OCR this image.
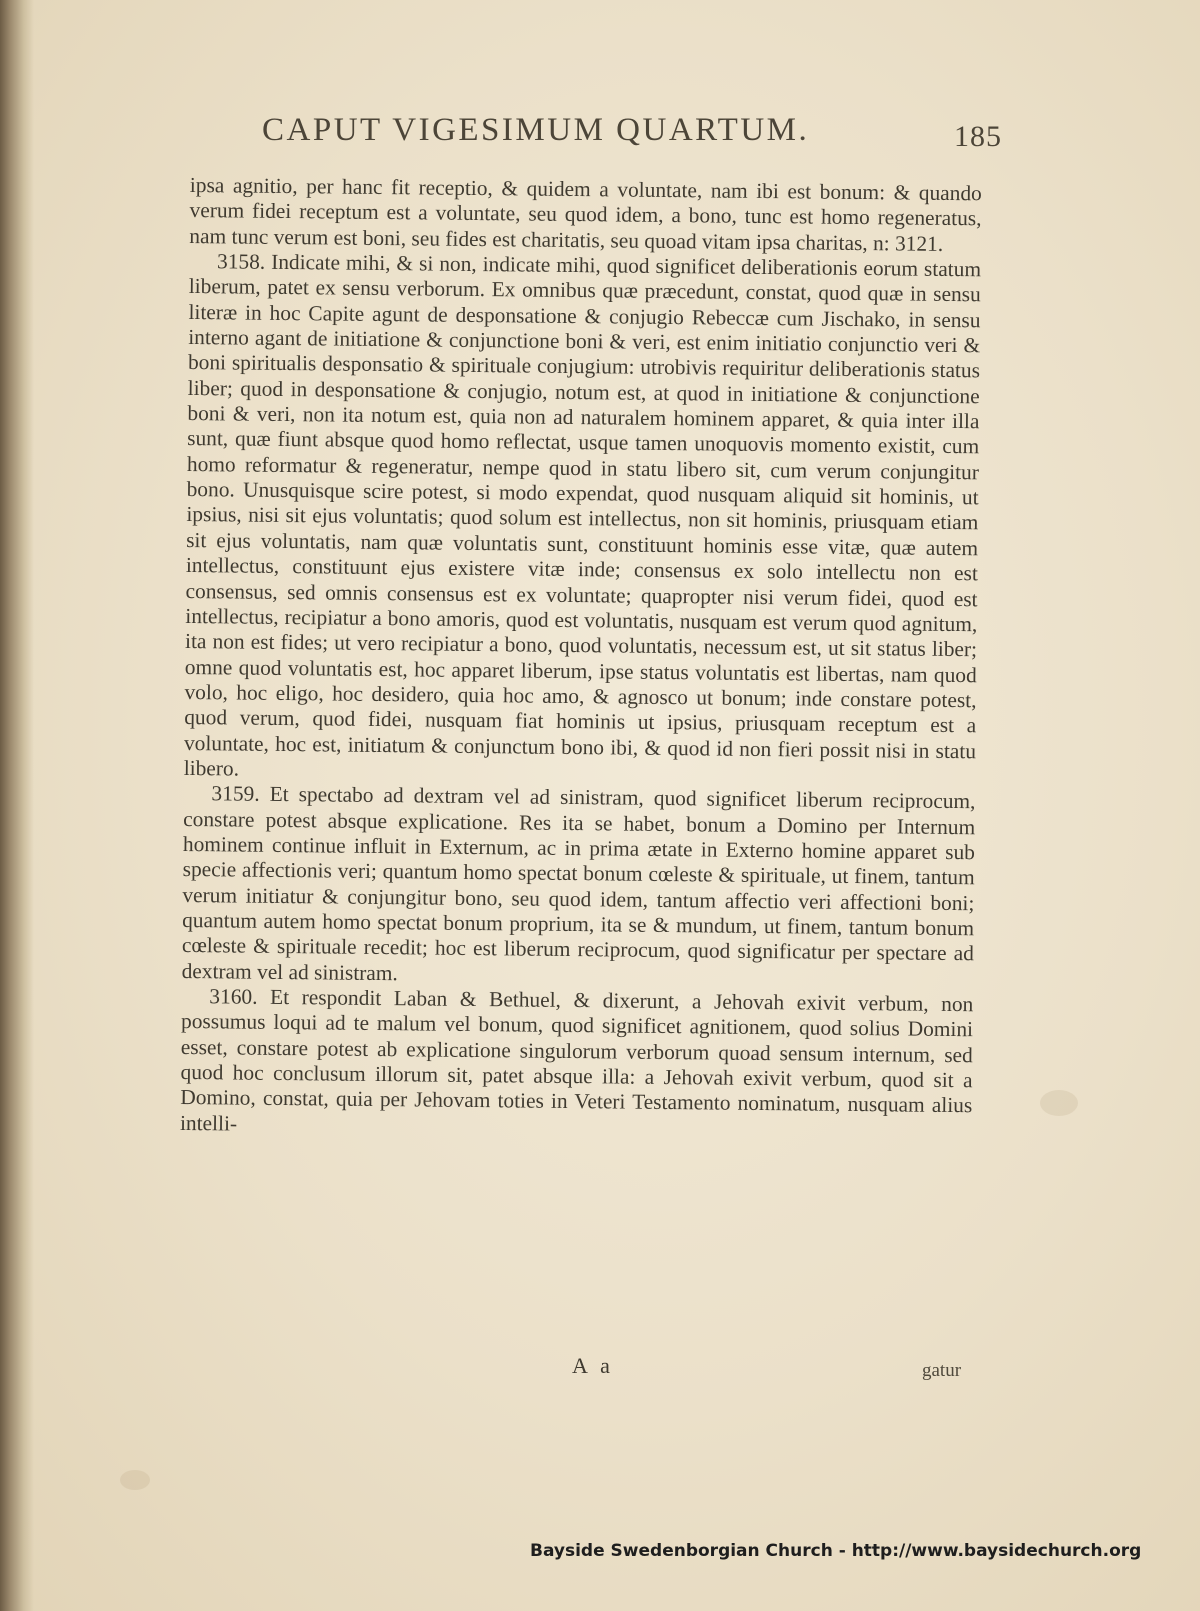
CAPUT VIGESIMUM QUARTUM.	185

ipsa agnitio, per hanc fit receptio, & quidem a voluntate, nam ibi est bonum: & quando verum fidei receptum est a voluntate, seu quod idem, a bono, tunc est homo regeneratus, nam tunc verum est boni, seu fides est charitatis, seu quoad vitam ipsa charitas, n: 3121.

3158. Indicate mihi, & si non, indicate mihi, quod significet deliberationis eorum statum liberum, patet ex sensu verborum. Ex omnibus quæ præcedunt, constat, quod quæ in sensu literæ in hoc Capite agunt de desponsatione & conjugio Rebeccæ cum Jischako, in sensu interno agant de initiatione & conjunctione boni & veri, est enim initiatio conjunctio veri & boni spiritualis desponsatio & spirituale conjugium: utrobivis requiritur deliberationis status liber; quod in desponsatione & conjugio, notum est, at quod in initiatione & conjunctione boni & veri, non ita notum est, quia non ad naturalem hominem apparet, & quia inter illa sunt, quæ fiunt absque quod homo reflectat, usque tamen unoquovis momento existit, cum homo reformatur & regeneratur, nempe quod in statu libero sit, cum verum conjungitur bono. Unusquisque scire potest, si modo expendat, quod nusquam aliquid sit hominis, ut ipsius, nisi sit ejus voluntatis; quod solum est intellectus, non sit hominis, priusquam etiam sit ejus voluntatis, nam quæ voluntatis sunt, constituunt hominis esse vitæ, quæ autem intellectus, constituunt ejus existere vitæ inde; consensus ex solo intellectu non est consensus, sed omnis consensus est ex voluntate; quapropter nisi verum fidei, quod est intellectus, recipiatur a bono amoris, quod est voluntatis, nusquam est verum quod agnitum, ita non est fides; ut vero recipiatur a bono, quod voluntatis, necessum est, ut sit status liber; omne quod voluntatis est, hoc apparet liberum, ipse status voluntatis est libertas, nam quod volo, hoc eligo, hoc desidero, quia hoc amo, & agnosco ut bonum; inde constare potest, quod verum, quod fidei, nusquam fiat hominis ut ipsius, priusquam receptum est a voluntate, hoc est, initiatum & conjunctum bono ibi, & quod id non fieri possit nisi in statu libero.

3159. Et spectabo ad dextram vel ad sinistram, quod significet liberum reciprocum, constare potest absque explicatione. Res ita se habet, bonum a Domino per Internum hominem continue influit in Externum, ac in prima ætate in Externo homine apparet sub specie affectionis veri; quantum homo spectat bonum cœleste & spirituale, ut finem, tantum verum initiatur & conjungitur bono, seu quod idem, tantum affectio veri affectioni boni; quantum autem homo spectat bonum proprium, ita se & mundum, ut finem, tantum bonum cœleste & spirituale recedit; hoc est liberum reciprocum, quod significatur per spectare ad dextram vel ad sinistram.

3160. Et respondit Laban & Bethuel, & dixerunt, a Jehovah exivit verbum, non possumus loqui ad te malum vel bonum, quod significet agnitionem, quod solius Domini esset, constare potest ab explicatione singulorum verborum quoad sensum internum, sed quod hoc conclusum illorum sit, patet absque illa: a Jehovah exivit verbum, quod sit a Domino, constat, quia per Jehovam toties in Veteri Testamento nominatum, nusquam alius intelli-

A a	gatur
Bayside Swedenborgian Church - http://www.baysidechurch.org
